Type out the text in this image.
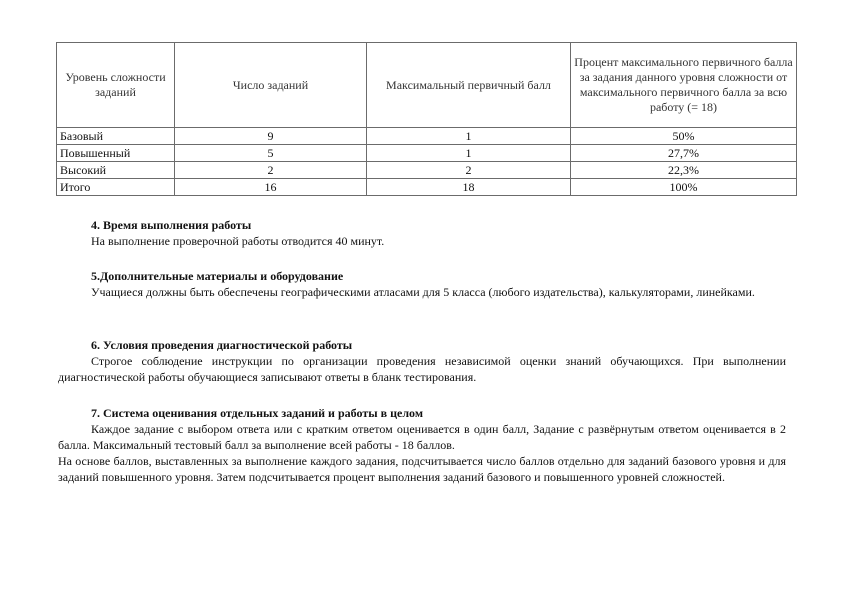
Уровень сложности заданий	Число заданий	Максимальный первичный балл	Процент максимального первичного балла за задания данного уровня сложности от максимального первичного балла за всю работу (= 18)
Базовый	9	1	50%
Повышенный	5	1	27,7%
Высокий	2	2	22,3%
Итого	16	18	100%
4. Время выполнения работы
На выполнение проверочной работы отводится 40 минут.
5.Дополнительные материалы и оборудование
Учащиеся должны быть обеспечены географическими атласами для 5 класса (любого издательства), калькуляторами, линейками.
6. Условия проведения диагностической работы
Строгое соблюдение инструкции по организации проведения независимой оценки знаний обучающихся. При выполнении диагностической работы обучающиеся записывают ответы в бланк тестирования.
7. Система оценивания отдельных заданий и работы в целом
Каждое задание с выбором ответа или с кратким ответом оценивается в один балл, Задание с развёрнутым ответом оценивается в 2 балла. Максимальный тестовый балл за выполнение всей работы - 18 баллов.
На основе баллов, выставленных за выполнение каждого задания, подсчитывается число баллов отдельно для заданий базового уровня и для заданий повышенного уровня. Затем подсчитывается процент выполнения заданий базового и повышенного уровней сложностей.
